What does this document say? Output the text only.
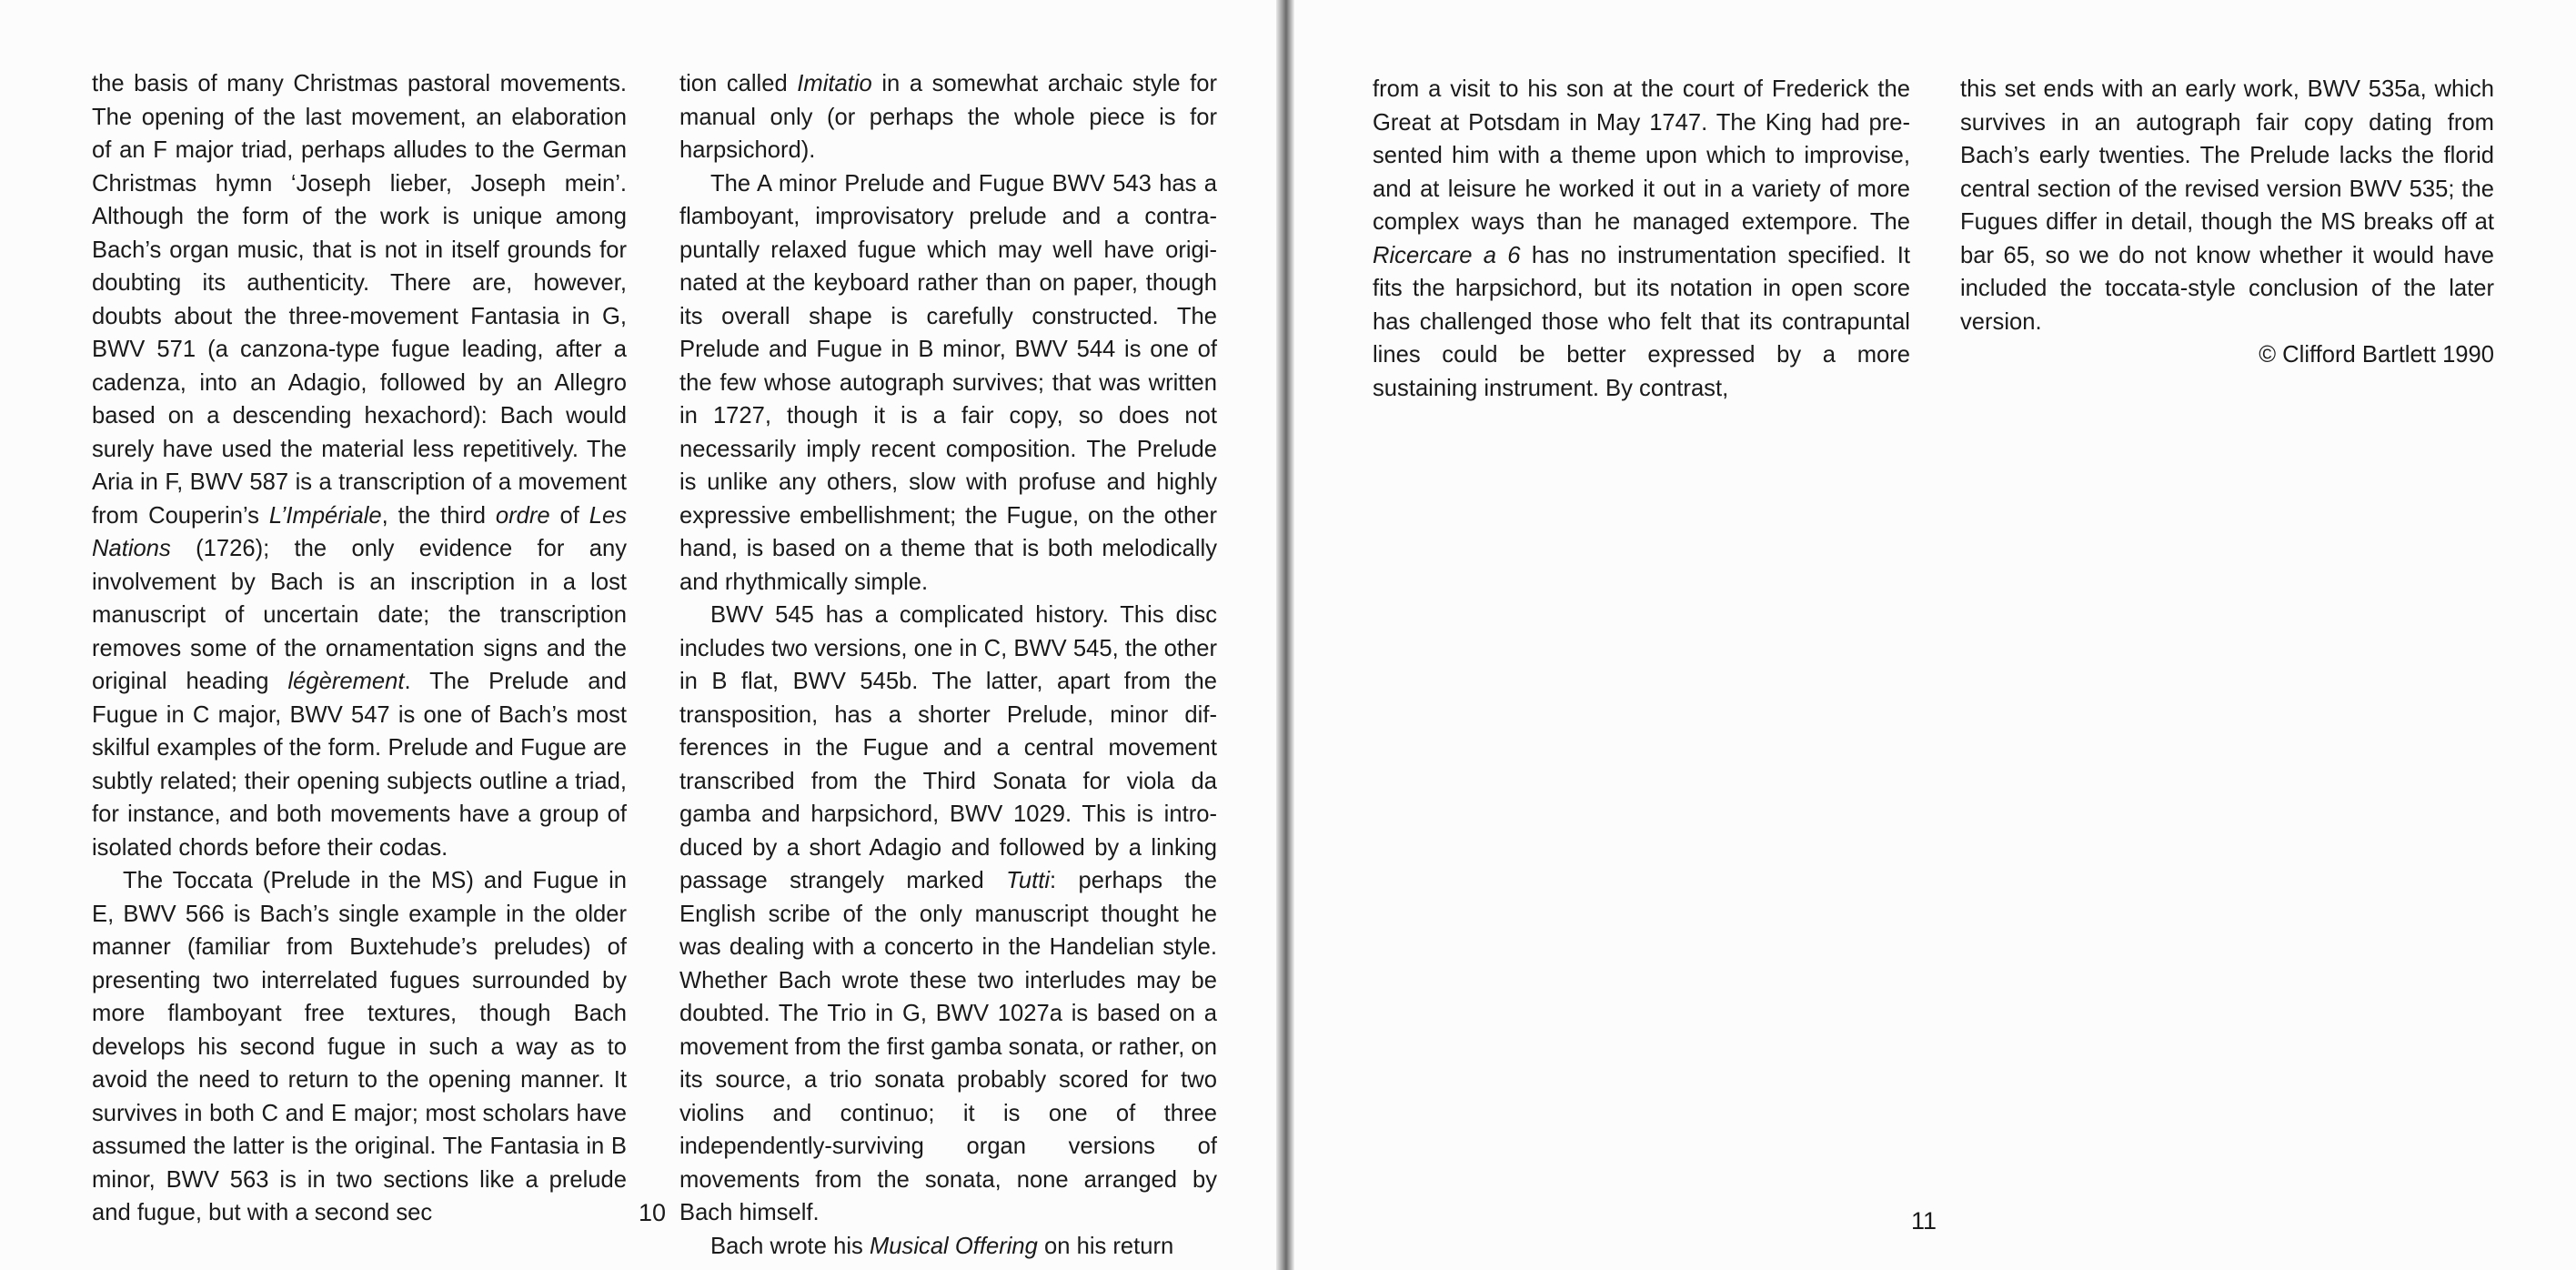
the basis of many Christmas pastoral movements. The opening of the last movement, an elaboration of an F major triad, perhaps alludes to the German Christmas hymn ‘Joseph lieber, Joseph mein’. Although the form of the work is unique among Bach’s organ music, that is not in itself grounds for doubting its authenticity. There are, however, doubts about the three-movement Fantasia in G, BWV 571 (a canzona-type fugue leading, after a cadenza, into an Adagio, followed by an Allegro based on a descending hexachord): Bach would surely have used the material less repetitively. The Aria in F, BWV 587 is a transcription of a movement from Couperin’s L’Impériale, the third ordre of Les Nations (1726); the only evidence for any involvement by Bach is an inscription in a lost manuscript of uncertain date; the transcription removes some of the ornamentation signs and the original heading légèrement. The Prelude and Fugue in C major, BWV 547 is one of Bach’s most skilful examples of the form. Prelude and Fugue are subtly related; their opening subjects outline a triad, for instance, and both movements have a group of isolated chords before their codas.

The Toccata (Prelude in the MS) and Fugue in E, BWV 566 is Bach’s single example in the older manner (familiar from Buxtehude’s preludes) of presenting two interrelated fugues surrounded by more flamboyant free textures, though Bach develops his second fugue in such a way as to avoid the need to return to the opening manner. It survives in both C and E major; most scholars have assumed the latter is the original. The Fantasia in B minor, BWV 563 is in two sections like a prelude and fugue, but with a second sec

tion called Imitatio in a somewhat archaic style for manual only (or perhaps the whole piece is for harpsichord).

The A minor Prelude and Fugue BWV 543 has a flamboyant, improvisatory prelude and a contrapuntally relaxed fugue which may well have originated at the keyboard rather than on paper, though its overall shape is carefully constructed. The Prelude and Fugue in B minor, BWV 544 is one of the few whose autograph survives; that was written in 1727, though it is a fair copy, so does not necessarily imply recent composition. The Prelude is unlike any others, slow with profuse and highly expressive embellishment; the Fugue, on the other hand, is based on a theme that is both melodically and rhythmically simple.

BWV 545 has a complicated history. This disc includes two versions, one in C, BWV 545, the other in B flat, BWV 545b. The latter, apart from the transposition, has a shorter Prelude, minor differences in the Fugue and a central movement transcribed from the Third Sonata for viola da gamba and harpsichord, BWV 1029. This is introduced by a short Adagio and followed by a linking passage strangely marked Tutti: perhaps the English scribe of the only manuscript thought he was dealing with a concerto in the Handelian style. Whether Bach wrote these two interludes may be doubted. The Trio in G, BWV 1027a is based on a movement from the first gamba sonata, or rather, on its source, a trio sonata probably scored for two violins and continuo; it is one of three independently-surviving organ versions of movements from the sonata, none arranged by Bach himself.

Bach wrote his Musical Offering on his return

10

from a visit to his son at the court of Frederick the Great at Potsdam in May 1747. The King had presented him with a theme upon which to improvise, and at leisure he worked it out in a variety of more complex ways than he managed extempore. The Ricercare a 6 has no instrumentation specified. It fits the harpsichord, but its notation in open score has challenged those who felt that its contrapuntal lines could be better expressed by a more sustaining instrument. By contrast,

this set ends with an early work, BWV 535a, which survives in an autograph fair copy dating from Bach’s early twenties. The Prelude lacks the florid central section of the revised version BWV 535; the Fugues differ in detail, though the MS breaks off at bar 65, so we do not know whether it would have included the toccata-style conclusion of the later version.

© Clifford Bartlett 1990

11
